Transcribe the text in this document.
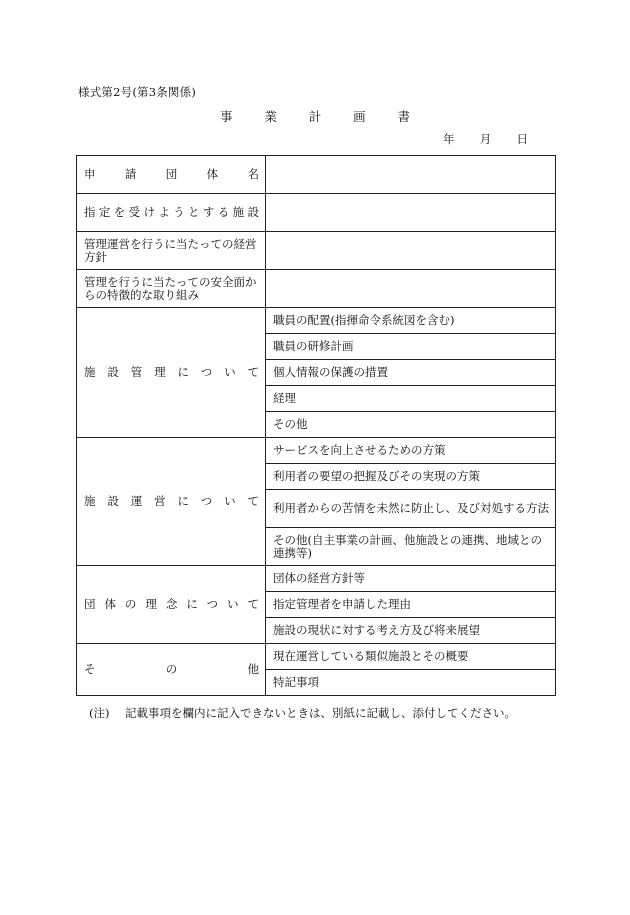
様式第2号(第3条関係)
事	業	計	画	書
年 月 日
申請団体名	
指定を受けようとする施設	
管理運営を行うに当たっての経営方針	
管理を行うに当たっての安全面からの特徴的な取り組み	
施設管理について	職員の配置(指揮命令系統図を含む)
	職員の研修計画
	個人情報の保護の措置
	経理
	その他
施設運営について	サービスを向上させるための方策
	利用者の要望の把握及びその実現の方策
	利用者からの苦情を未然に防止し、及び対処する方法
	その他(自主事業の計画、他施設との連携、地域との連携等)
団体の理念について	団体の経営方針等
	指定管理者を申請した理由
	施設の現状に対する考え方及び将来展望
その他	現在運営している類似施設とその概要
	特記事項
(注) 記載事項を欄内に記入できないときは、別紙に記載し、添付してください。
